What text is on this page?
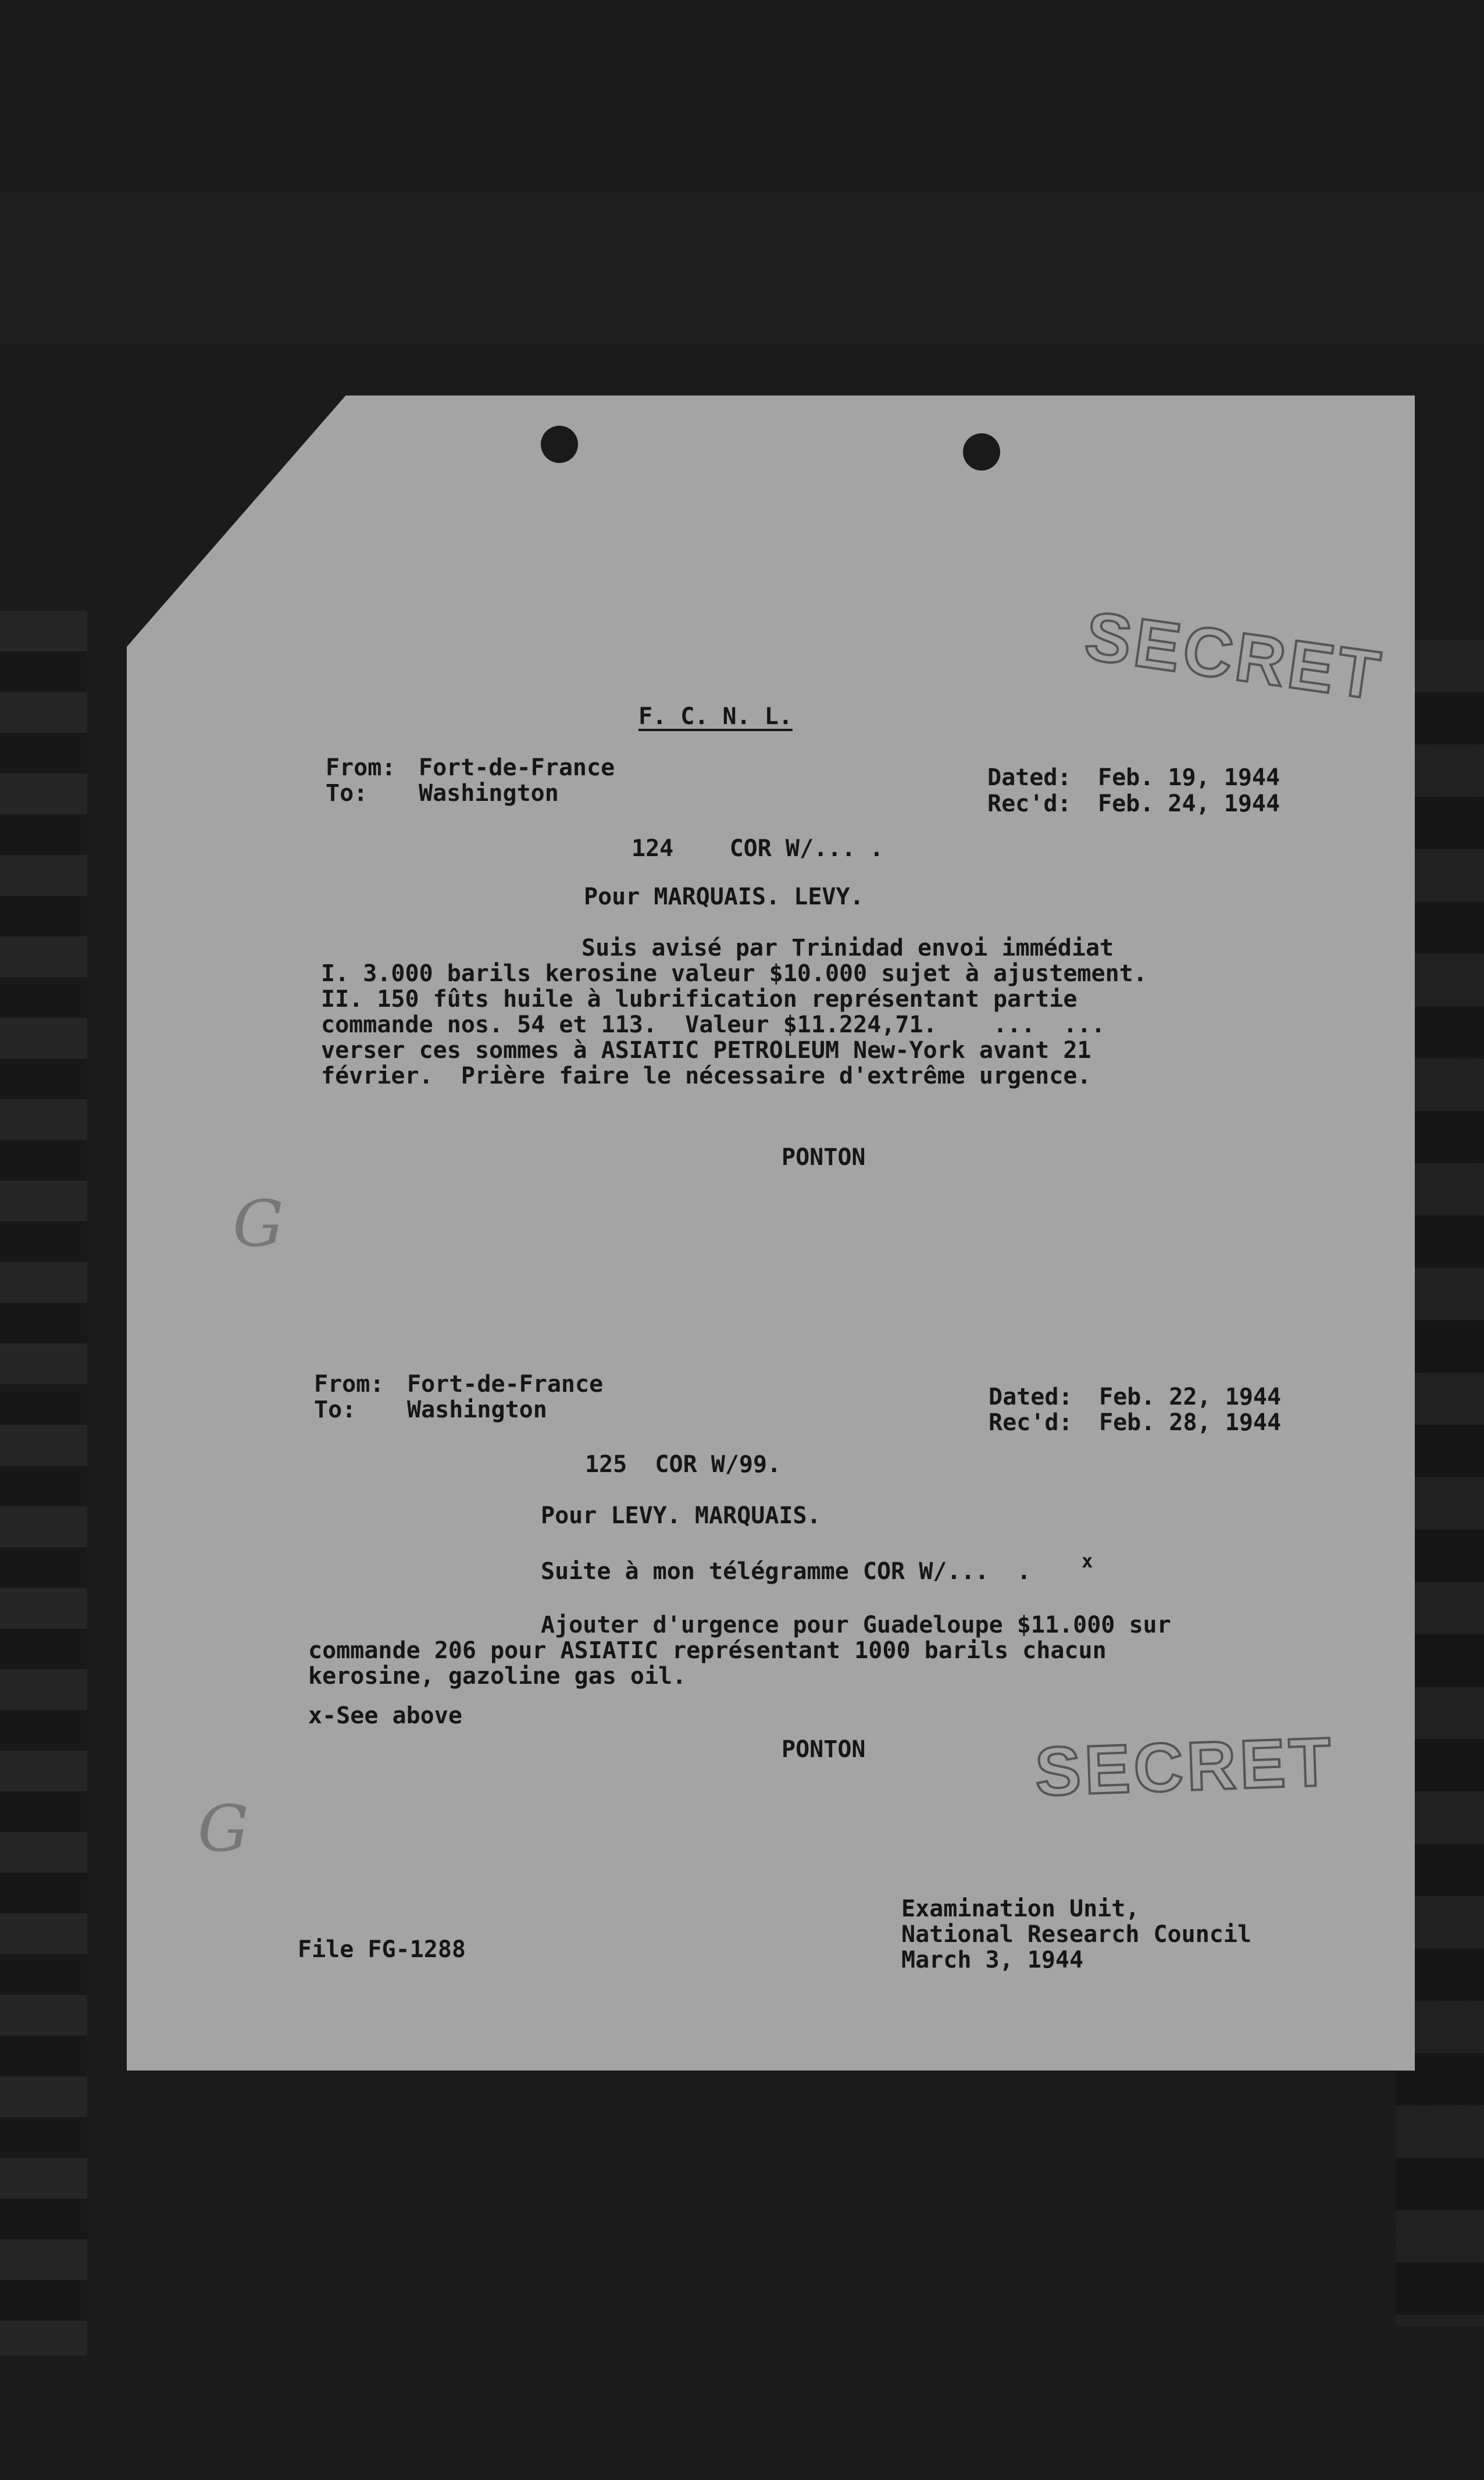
SECRET
SECRET
G
G
F. C. N. L.
From: Fort-de-France
To: Washington
Dated: Feb. 19, 1944
Rec'd: Feb. 24, 1944
124    COR W/... .
Pour MARQUAIS. LEVY.
Suis avisé par Trinidad envoi immédiat
I. 3.000 barils kerosine valeur $10.000 sujet à ajustement.
II. 150 fûts huile à lubrification représentant partie
commande nos. 54 et 113.  Valeur $11.224,71.    ...  ...
verser ces sommes à ASIATIC PETROLEUM New-York avant 21
février.  Prière faire le nécessaire d'extrême urgence.
PONTON
From: Fort-de-France
To: Washington	Dated: Feb. 22, 1944
Rec'd: Feb. 28, 1944
125  COR W/99.
Pour LEVY. MARQUAIS.
Suite à mon télégramme COR W/...  .	x
Ajouter d'urgence pour Guadeloupe $11.000 sur
commande 206 pour ASIATIC représentant 1000 barils chacun
kerosine, gazoline gas oil.
x-See above
PONTON
File FG-1288
Examination Unit,
National Research Council
March 3, 1944
